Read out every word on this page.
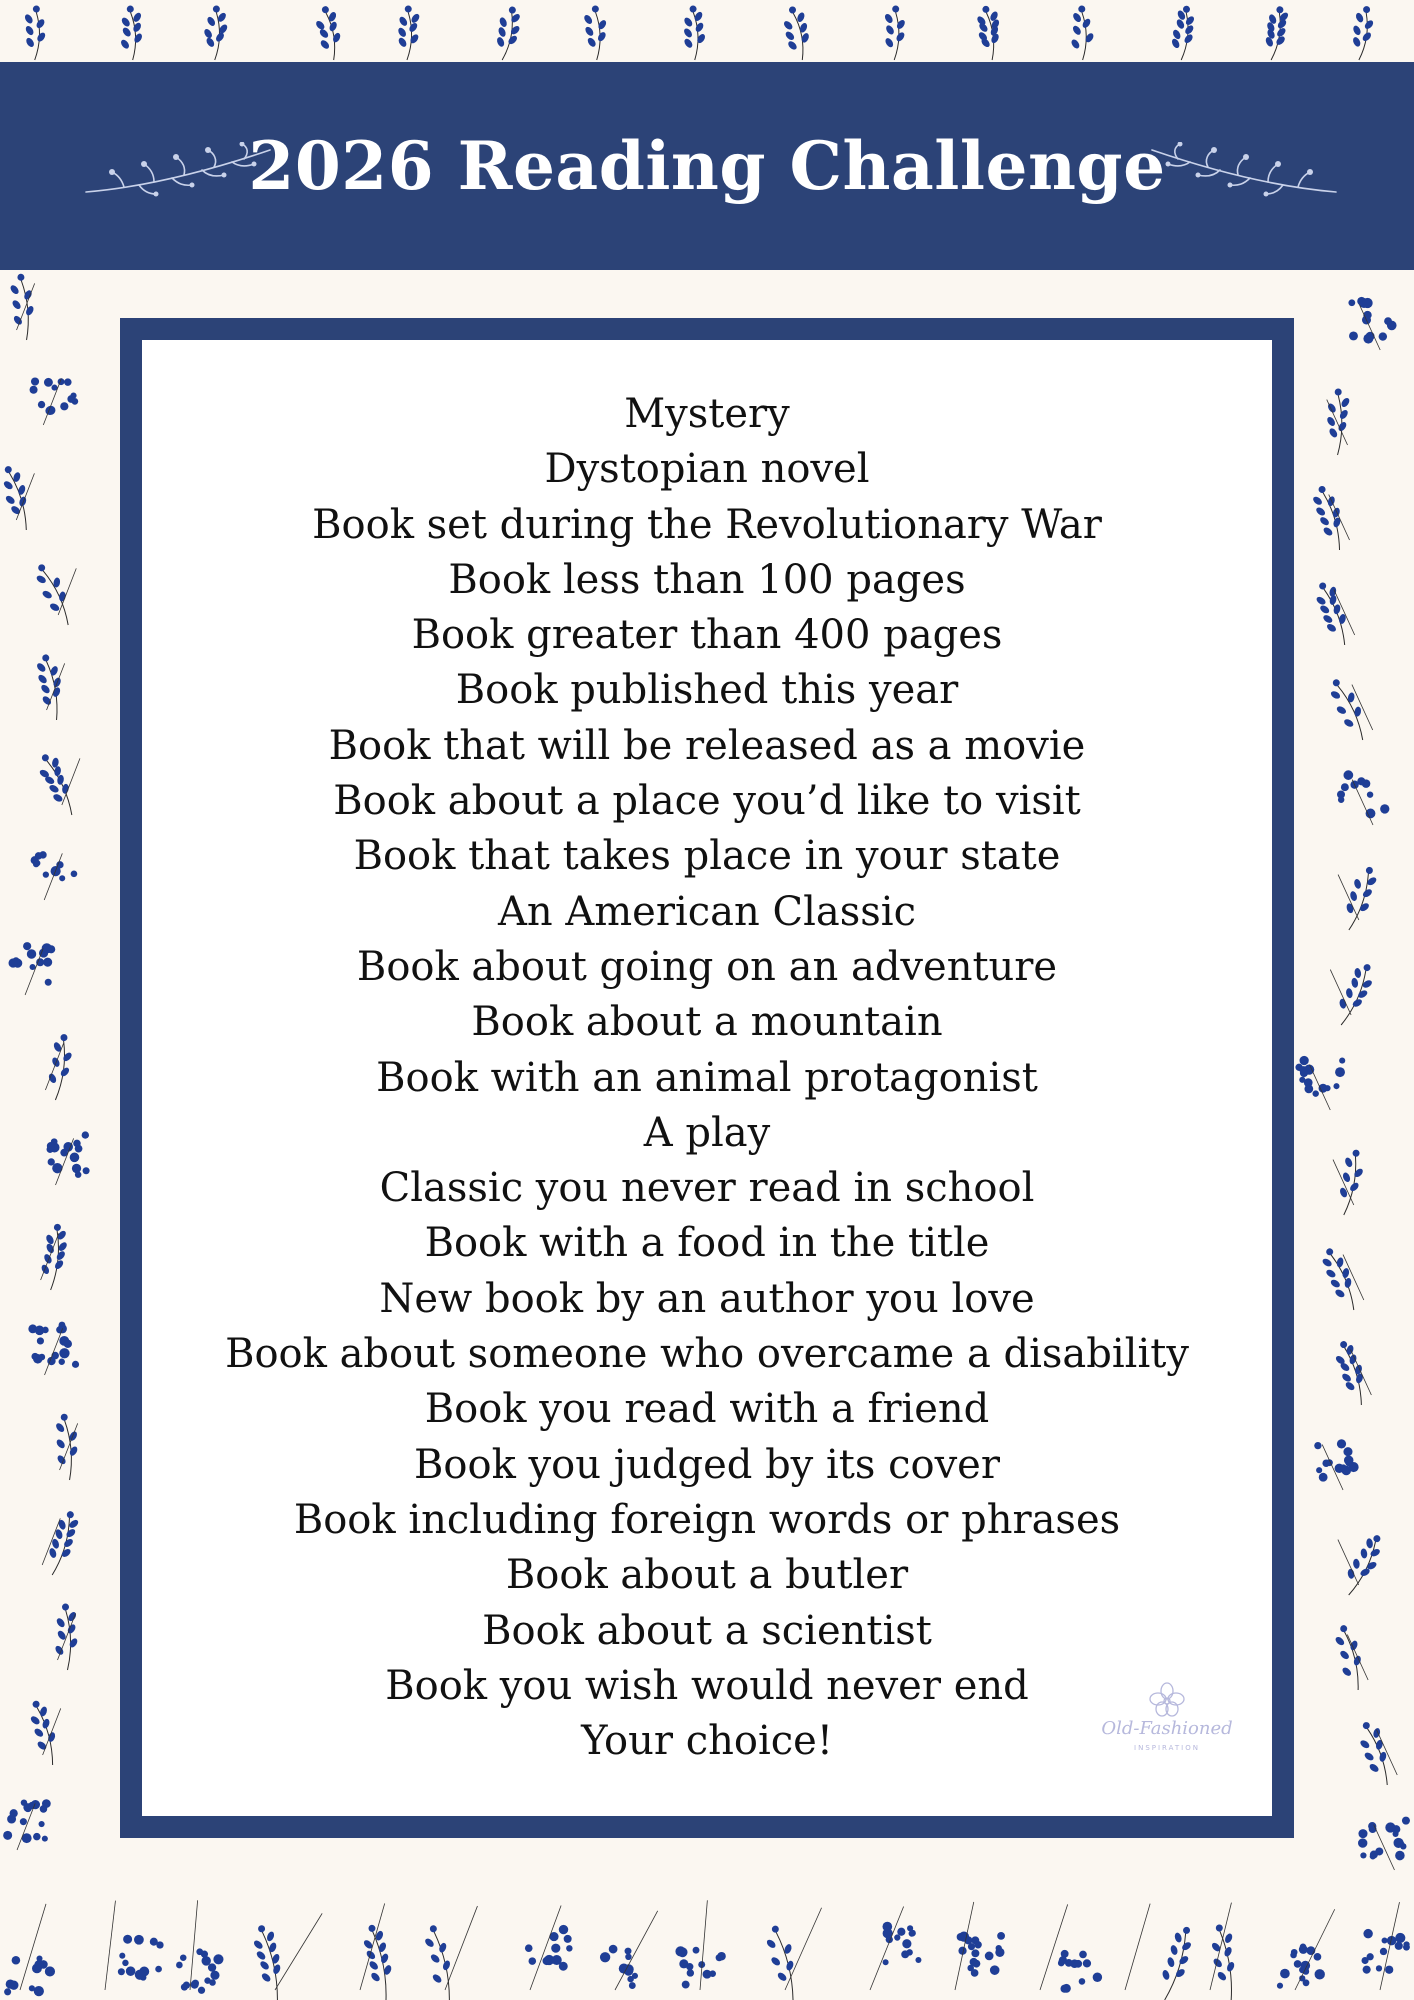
2026 Reading Challenge
Mystery
Dystopian novel
Book set during the Revolutionary War
Book less than 100 pages
Book greater than 400 pages
Book published this year
Book that will be released as a movie
Book about a place you’d like to visit
Book that takes place in your state
An American Classic
Book about going on an adventure
Book about a mountain
Book with an animal protagonist
A play
Classic you never read in school
Book with a food in the title
New book by an author you love
Book about someone who overcame a disability
Book you read with a friend
Book you judged by its cover
Book including foreign words or phrases
Book about a butler
Book about a scientist
Book you wish would never end
Your choice!	Old-Fashioned
INSPIRATION
